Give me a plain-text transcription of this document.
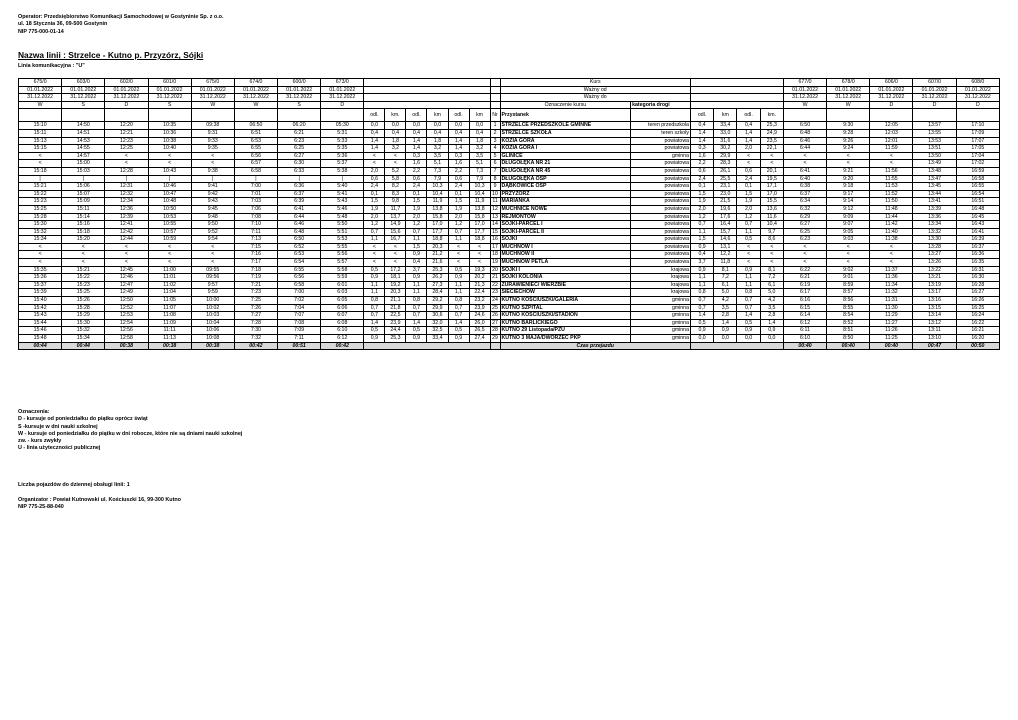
Operator: Przedsiębiorstwo Komunikacji Samochodowej w Gostyninie Sp. z o.o.
ul. 18 Stycznia 36, 09-500 Gostynin
NIP 775-000-01-14
Nazwa linii : Strzelce - Kutno p. Przyzórz, Sójki
Linia komunikacyjna : "U"
675/0	603/0	602/0	601/0	675/0	674/0	600/0	673/0								Kurs						677/0	678/0	606/0	607/0	608/0
01.01.2022	01.01.2022	01.01.2022	01.01.2022	01.01.2022	01.01.2022	01.01.2022	01.01.2022								Ważny od						01.01.2022	01.01.2022	01.01.2022	01.01.2022	01.01.2022
31.12.2022	31.12.2022	31.12.2022	31.12.2022	31.12.2022	31.12.2022	31.12.2022	31.12.2022								Ważny do						31.12.2022	31.12.2022	31.12.2022	31.12.2022	31.12.2022
W	S	D	S	W	W	S	D								Oznaczenie kursu	kategoria drogi					W	W	D	D	D
								odl.	km.	odl.	km	odl.	km	Nr	Przystanek		odl.	km	odl.	km.					
15:10	14:50	12:20	10:35	09:38	06:50	06:20	05:30	0,0	0,0	0,0	0,0	0,0	0,0	1	STRZELCE PRZEDSZKOLE GMINNE	teren przedszkola	0,4	33,4	0,4	25,3	6:50	9:30	12:05	13:57	17:10
15:11	14:51	12:21	10:36	9:31	6:51	6:21	5:31	0,4	0,4	0,4	0,4	0,4	0,4	2	STRZELCE SZKOŁA	teren szkoły	1,4	33,0	1,4	24,9	6:48	9:28	12:03	13:55	17:09
15:13	14:53	12:23	10:38	9:33	6:53	6:23	5:33	1,4	1,8	1,4	1,8	1,4	1,8	3	KOZIA GÓRA	powiatowa	1,4	31,6	1,4	23,5	6:46	9:26	12:01	13:53	17:07
15:15	14:55	12:25	10:40	9:35	6:55	6:25	5:35	1,4	3,2	1,4	3,2	1,4	3,2	4	KOZIA GÓRA I	powiatowa	0,3	30,2	2,0	22,1	6:44	9:24	11:59	13:51	17:05
<	14:57	<	<	<	6:56	6:27	5:36	<	<	0,3	3,5	0,3	3,5	5	GLINICE	gminna	1,6	29,9	<	<	<	<	<	13:50	17:04
<	15:00	<	<	<	6:57	6:30	5:37	<	<	1,6	5,1	1,6	5,1	6	DŁUGOŁĘKA NR 21	powiatowa	2,2	28,3	<	<	<	<	<	13:49	17:02
15:18	15:03	12:28	10:43	9:38	6:58	6:33	5:38	2,0	5,2	2,2	7,3	2,2	7,3	7	DŁUGOŁĘKA NR 45	powiatowa	0,6	26,1	0,6	20,1	6:41	9:21	11:56	13:48	16:59
|	|	|	|	|	|	|	|	0,6	5,8	0,6	7,9	0,6	7,9	8	DŁUGOŁĘKA OSP	powiatowa	2,4	25,5	2,4	19,5	6:40	9:20	11:55	13:47	16:58
15:21	15:06	12:31	10:46	9:41	7:00	6:36	5:40	2,4	8,2	2,4	10,3	2,4	10,3	9	DĄBKOWICE OSP	powiatowa	0,1	23,1	0,1	17,1	6:38	9:18	11:53	13:45	16:55
15:22	15:07	12:32	10:47	9:42	7:01	6:37	5:41	0,1	8,3	0,1	10,4	0,1	10,4	10	PRZYZÓRZ	powiatowa	1,5	23,0	1,5	17,0	6:37	9:17	11:52	13:44	16:54
15:23	15:09	12:34	10:48	9:43	7:03	6:39	5:43	1,5	9,8	1,5	11,9	1,5	11,9	11	MARIANKA	powiatowa	1,9	21,5	1,9	15,5	6:34	9:14	11:50	13:41	16:51
15:25	15:11	12:36	10:50	9:45	7:06	6:41	5:46	1,9	11,7	1,9	13,8	1,9	13,8	12	MUCHNICE NOWE	powiatowa	2,0	19,6	2,0	13,6	6:32	9:12	11:48	13:39	16:48
15:28	15:14	12:39	10:53	9:48	7:08	6:44	5:48	2,0	13,7	2,0	15,8	2,0	15,8	13	REJMONTÓW	powiatowa	1,2	17,6	1,2	11,6	6:29	9:09	11:44	13:36	16:45
15:30	15:16	12:41	10:55	9:50	7:10	6:46	5:50	1,2	14,9	1,2	17,0	1,2	17,0	14	SÓJKI-PARCEL I	powiatowa	0,7	16,4	0,7	10,4	6:27	9:07	11:42	13:34	16:43
15:32	15:18	12:42	10:57	9:52	7:11	6:48	5:51	0,7	15,6	0,7	17,7	0,7	17,7	15	SÓJKI-PARCEL II	powiatowa	1,1	15,7	1,1	9,7	6:25	9:05	11:40	13:32	16:41
15:34	15:20	12:44	10:59	9:54	7:13	6:50	5:53	1,1	16,7	1,1	18,8	1,1	18,8	16	SÓJKI	powiatowa	1,5	14,6	0,5	8,6	6:23	9:03	11:38	13:30	16:39
<	<	<	<	<	7:15	6:52	5:55	<	<	1,5	20,3	<	<	17	MUCHNÓW I	powiatowa	0,9	13,1	<	<	<	<	<	13:28	16:37
<	<	<	<	<	7:16	6:53	5:56	<	<	0,9	21,2	<	<	18	MUCHNÓW II	powiatowa	0,4	12,2	<	<	<	<	<	13:27	16:36
<	<	<	<	<	7:17	6:54	5:57	<	<	0,4	21,6	<	<	19	MUCHNÓW PETLA	powiatowa	3,7	11,8	<	<	<	<	<	13:26	16:35
15:35	15:21	12:45	11:00	09:55	7:18	6:55	5:58	0,5	17,2	3,7	25,3	0,5	19,3	20	SÓJKI I	krajowa	0,9	8,1	0,9	8,1	6:22	9:02	11:37	13:22	16:31
15:36	15:22	12:46	11:01	09:56	7:19	6:56	5:59	0,9	18,1	0,9	26,2	0,9	20,2	21	SÓJKI KOLONIA	krajowa	1,1	7,2	1,1	7,2	6:21	9:01	11:36	13:21	16:30
15:37	15:23	12:47	11:02	9:57	7:21	6:58	6:01	1,1	19,2	1,1	27,3	1,1	21,3	22	ŻURAWIENIEC/ WIERZBIE	krajowa	1,1	6,1	1,1	6,1	6:19	8:59	11:34	13:19	16:28
15:39	15:25	12:49	11:04	9:59	7:23	7:00	6:03	1,1	20,3	1,1	28,4	1,1	22,4	23	SIECIECHÓW	krajowa	0,8	5,0	0,8	5,0	6:17	8:57	11:32	13:17	16:27
15:40	15:26	12:50	11:05	10:00	7:25	7:02	6:05	0,8	21,1	0,8	29,2	0,8	23,2	24	KUTNO KOŚCIUSZKI/GALERIA	gminna	0,7	4,2	0,7	4,2	6:16	8:56	11:31	13:16	16:26
15:42	15:28	12:52	11:07	10:02	7:26	7:04	6:06	0,7	21,8	0,7	29,9	0,7	23,9	25	KUTNO SZPITAL	gminna	0,7	3,5	0,7	3,5	6:15	8:55	11:30	13:15	16:25
15:43	15:29	12:53	11:08	10:03	7:27	7:07	6:07	0,7	22,5	0,7	30,6	0,7	24,6	26	KUTNO KOŚCIUSZKI/STADION	gminna	1,4	2,8	1,4	2,8	6:14	8:54	11:29	13:14	16:24
15:44	15:30	12:54	11:09	10:04	7:28	7:08	6:08	1,4	23,9	1,4	32,0	1,4	26,0	27	KUTNO BARLICKIEGO	gminna	0,5	1,4	0,5	1,4	6:12	8:52	11:27	13:12	16:22
15:46	15:32	12:56	11:11	10:06	7:30	7:09	6:10	0,5	24,4	0,5	32,5	0,5	26,5	28	KUTNO 29 Listopada/PZU	gminna	0,9	0,9	0,9	0,9	6:11	8:51	11:26	13:11	16:21
15:48	15:34	12:58	11:13	10:08	7:32	7:11	6:12	0,9	25,3	0,9	33,4	0,9	27,4	29	KUTNO 3 MAJA/DWORZEC PKP	gminna	0,0	0,0	0,0	0,0	6:10	8:50	11:25	13:10	16:20
00:44	00:44	00:38	00:38	00:38	00:42	00:51	00:42								Czas przejazdu						00:40	00:40	00:40	00:47	00:50
Oznaczenia:
D - kursuje od poniedziałku do piątku oprócz świąt
S -kursuje w dni nauki szkolnej
W - kursuje od poniedziałku do piątku w dni robocze, które nie są dniami nauki szkolnej
zw. - kurs zwykły
U - linia użyteczności publicznej
Liczba pojazdów do dziennej obsługi linii: 1
Organizator : Powiat Kutnowski ul. Kościuszki 16, 99-300 Kutno
NIP 775-25-88-040
